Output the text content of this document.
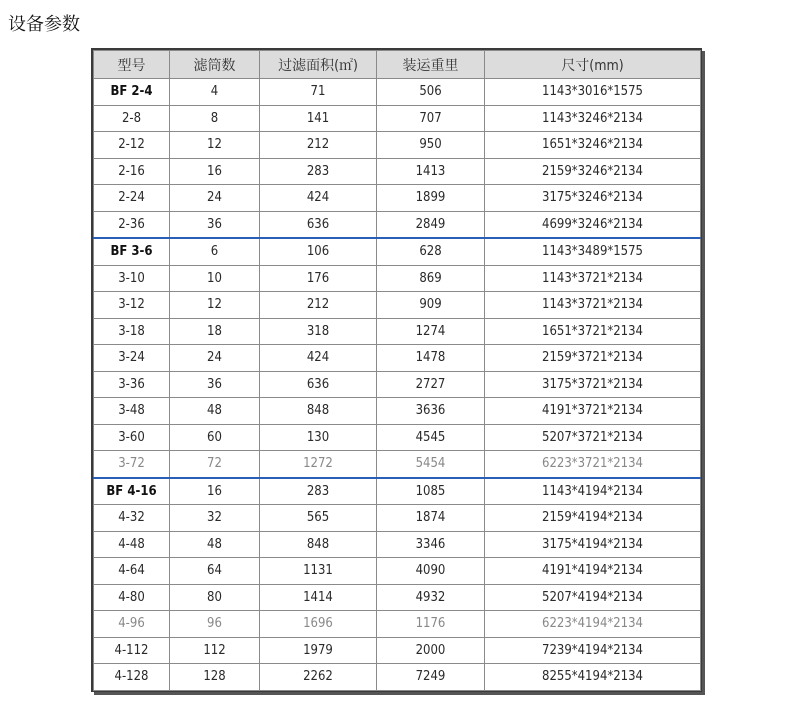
设备参数
型号	滤筒数	过滤面积(㎡)	装运重里	尺寸(mm)
BF 2-4	4	71	506	1143*3016*1575
2-8	8	141	707	1143*3246*2134
2-12	12	212	950	1651*3246*2134
2-16	16	283	1413	2159*3246*2134
2-24	24	424	1899	3175*3246*2134
2-36	36	636	2849	4699*3246*2134
BF 3-6	6	106	628	1143*3489*1575
3-10	10	176	869	1143*3721*2134
3-12	12	212	909	1143*3721*2134
3-18	18	318	1274	1651*3721*2134
3-24	24	424	1478	2159*3721*2134
3-36	36	636	2727	3175*3721*2134
3-48	48	848	3636	4191*3721*2134
3-60	60	130	4545	5207*3721*2134
3-72	72	1272	5454	6223*3721*2134
BF 4-16	16	283	1085	1143*4194*2134
4-32	32	565	1874	2159*4194*2134
4-48	48	848	3346	3175*4194*2134
4-64	64	1131	4090	4191*4194*2134
4-80	80	1414	4932	5207*4194*2134
4-96	96	1696	1176	6223*4194*2134
4-112	112	1979	2000	7239*4194*2134
4-128	128	2262	7249	8255*4194*2134
